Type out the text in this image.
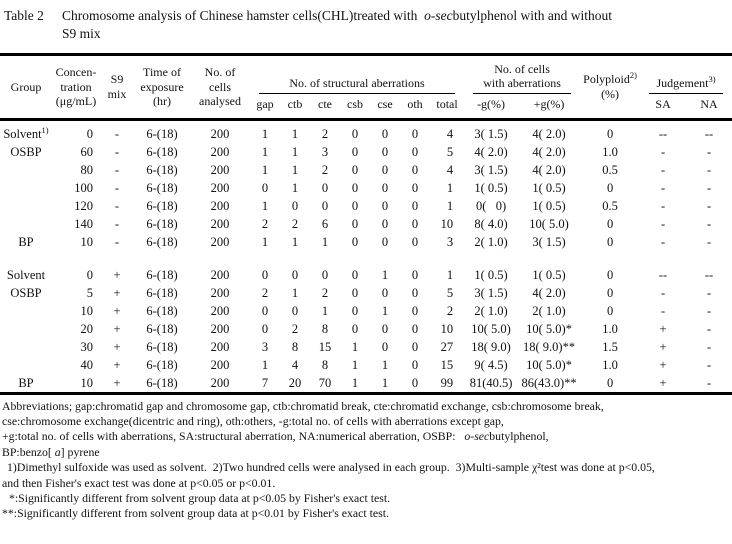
Table 2	Chromosome analysis of Chinese hamster cells(CHL)treated with  o-secbutylphenol with and without
S9 mix
Group	Concen-
tration
(μg/mL)	S9
mix	Time of
exposure
(hr)	No. of
cells
analysed	No. of structural aberrations							No. of cells
with aberrations		Polyploid$^{2)}$
(%)	Judgement$^{3)}$

					gap	ctb	cte	csb	cse	oth	total	-g(%)	+g(%)		SA	NA
Solvent$^{1)}$	0	-	6-(18)	200	1	1	2	0	0	0	4	3( 1.5)	4( 2.0)	0	--	--
OSBP	60	-	6-(18)	200	1	1	3	0	0	0	5	4( 2.0)	4( 2.0)	1.0	-	-
	80	-	6-(18)	200	1	1	2	0	0	0	4	3( 1.5)	4( 2.0)	0.5	-	-
	100	-	6-(18)	200	0	1	0	0	0	0	1	1( 0.5)	1( 0.5)	0	-	-
	120	-	6-(18)	200	1	0	0	0	0	0	1	0(   0)	1( 0.5)	0.5	-	-
	140	-	6-(18)	200	2	2	6	0	0	0	10	8( 4.0)	10( 5.0)	0	-	-
BP	10	-	6-(18)	200	1	1	1	0	0	0	3	2( 1.0)	3( 1.5)	0	-	-

Solvent	0	+	6-(18)	200	0	0	0	0	1	0	1	1( 0.5)	1( 0.5)	0	--	--
OSBP	5	+	6-(18)	200	2	1	2	0	0	0	5	3( 1.5)	4( 2.0)	0	-	-
	10	+	6-(18)	200	0	0	1	0	1	0	2	2( 1.0)	2( 1.0)	0	-	-
	20	+	6-(18)	200	0	2	8	0	0	0	10	10( 5.0)	10( 5.0)*	1.0	+	-
	30	+	6-(18)	200	3	8	15	1	0	0	27	18( 9.0)	18( 9.0)**	1.5	+	-
	40	+	6-(18)	200	1	4	8	1	1	0	15	9( 4.5)	10( 5.0)*	1.0	+	-
BP	10	+	6-(18)	200	7	20	70	1	1	0	99	81(40.5)	86(43.0)**	0	+	-
Abbreviations; gap:chromatid gap and chromosome gap, ctb:chromatid break, cte:chromatid exchange, csb:chromosome break,
cse:chromosome exchange(dicentric and ring), oth:others, -g:total no. of cells with aberrations except gap,
+g:total no. of cells with aberrations, SA:structural aberration, NA:numerical aberration, OSBP:   o-secbutylphenol,
BP:benzo[ a] pyrene
1)Dimethyl sulfoxide was used as solvent.  2)Two hundred cells were analysed in each group.  3)Multi-sample χ²test was done at p<0.05,
and then Fisher's exact test was done at p<0.05 or p<0.01.
*:Significantly different from solvent group data at p<0.05 by Fisher's exact test.
**:Significantly different from solvent group data at p<0.01 by Fisher's exact test.
